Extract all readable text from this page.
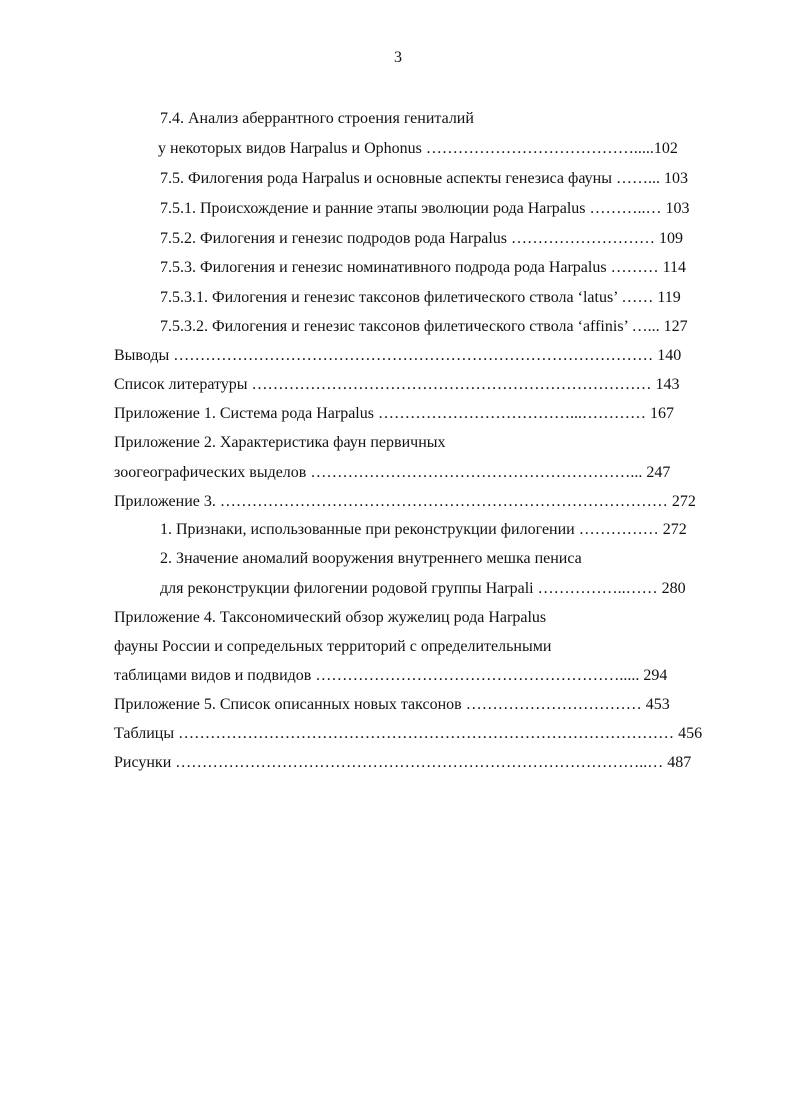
3
7.4. Анализ аберрантного строения гениталий
у некоторых видов Harpalus и Ophonus ………………………………….....102
7.5. Филогения рода Harpalus и основные аспекты генезиса фауны ……... 103
7.5.1. Происхождение и ранние этапы эволюции рода Harpalus ………..… 103
7.5.2. Филогения и генезис подродов рода Harpalus ……………………… 109
7.5.3. Филогения и генезис номинативного подрода рода Harpalus ……… 114
7.5.3.1. Филогения и генезис таксонов филетического ствола ‘latus’ …… 119
7.5.3.2. Филогения и генезис таксонов филетического ствола ‘affinis’ …... 127
Выводы ……………………………………………………………………………… 140
Список литературы ………………………………………………………………… 143
Приложение 1. Система рода Harpalus ………………………………...………… 167
Приложение 2. Характеристика фаун первичных
зоогеографических выделов ……………………………………………………... 247
Приложение 3. ………………………………………………………………………… 272
1. Признаки, использованные при реконструкции филогении …………… 272
2. Значение аномалий вооружения внутреннего мешка пениса
для реконструкции филогении родовой группы Harpali ……………..…… 280
Приложение 4. Таксономический обзор жужелиц рода Harpalus
фауны России и сопредельных территорий с определительными
таблицами видов и подвидов …………………………………………………..... 294
Приложение 5. Список описанных новых таксонов …………………………… 453
Таблицы ………………………………………………………………………………… 456
Рисунки ……………………………………………………………………………..… 487
